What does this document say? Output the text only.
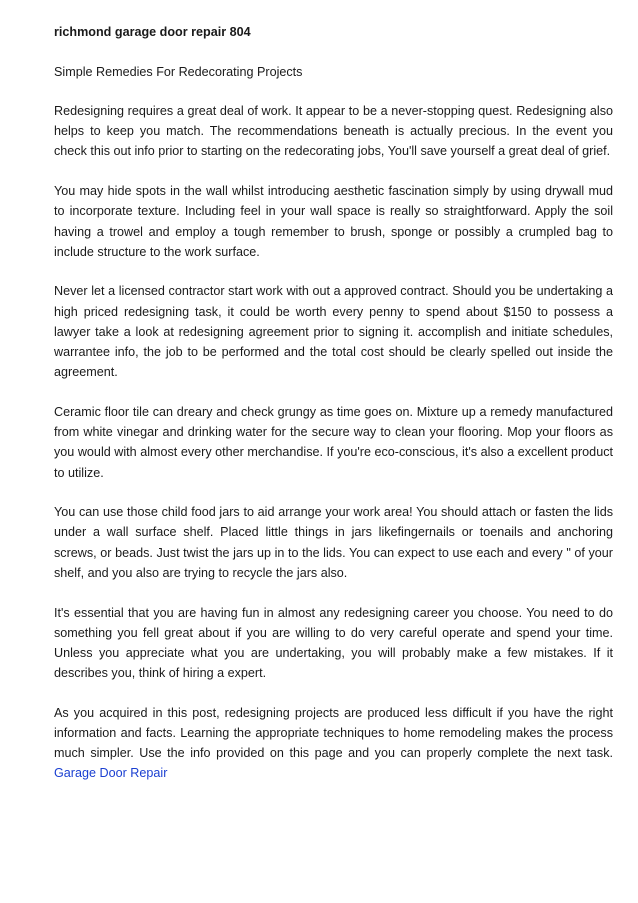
richmond garage door repair 804
Simple Remedies For Redecorating Projects

Redesigning requires a great deal of work. It appear to be a never-stopping quest. Redesigning also helps to keep you match. The recommendations beneath is actually precious. In the event you check this out info prior to starting on the redecorating jobs, You'll save yourself a great deal of grief.

You may hide spots in the wall whilst introducing aesthetic fascination simply by using drywall mud to incorporate texture. Including feel in your wall space is really so straightforward. Apply the soil having a trowel and employ a tough remember to brush, sponge or possibly a crumpled bag to include structure to the work surface.

Never let a licensed contractor start work with out a approved contract. Should you be undertaking a high priced redesigning task, it could be worth every penny to spend about $150 to possess a lawyer take a look at redesigning agreement prior to signing it. accomplish and initiate schedules, warrantee info, the job to be performed and the total cost should be clearly spelled out inside the agreement.

Ceramic floor tile can dreary and check grungy as time goes on. Mixture up a remedy manufactured from white vinegar and drinking water for the secure way to clean your flooring. Mop your floors as you would with almost every other merchandise. If you're eco-conscious, it's also a excellent product to utilize.

You can use those child food jars to aid arrange your work area! You should attach or fasten the lids under a wall surface shelf. Placed little things in jars likefingernails or toenails and anchoring screws, or beads. Just twist the jars up in to the lids. You can expect to use each and every " of your shelf, and you also are trying to recycle the jars also.

It's essential that you are having fun in almost any redesigning career you choose. You need to do something you fell great about if you are willing to do very careful operate and spend your time. Unless you appreciate what you are undertaking, you will probably make a few mistakes. If it describes you, think of hiring a expert.

As you acquired in this post, redesigning projects are produced less difficult if you have the right information and facts. Learning the appropriate techniques to home remodeling makes the process much simpler. Use the info provided on this page and you can properly complete the next task. Garage Door Repair
